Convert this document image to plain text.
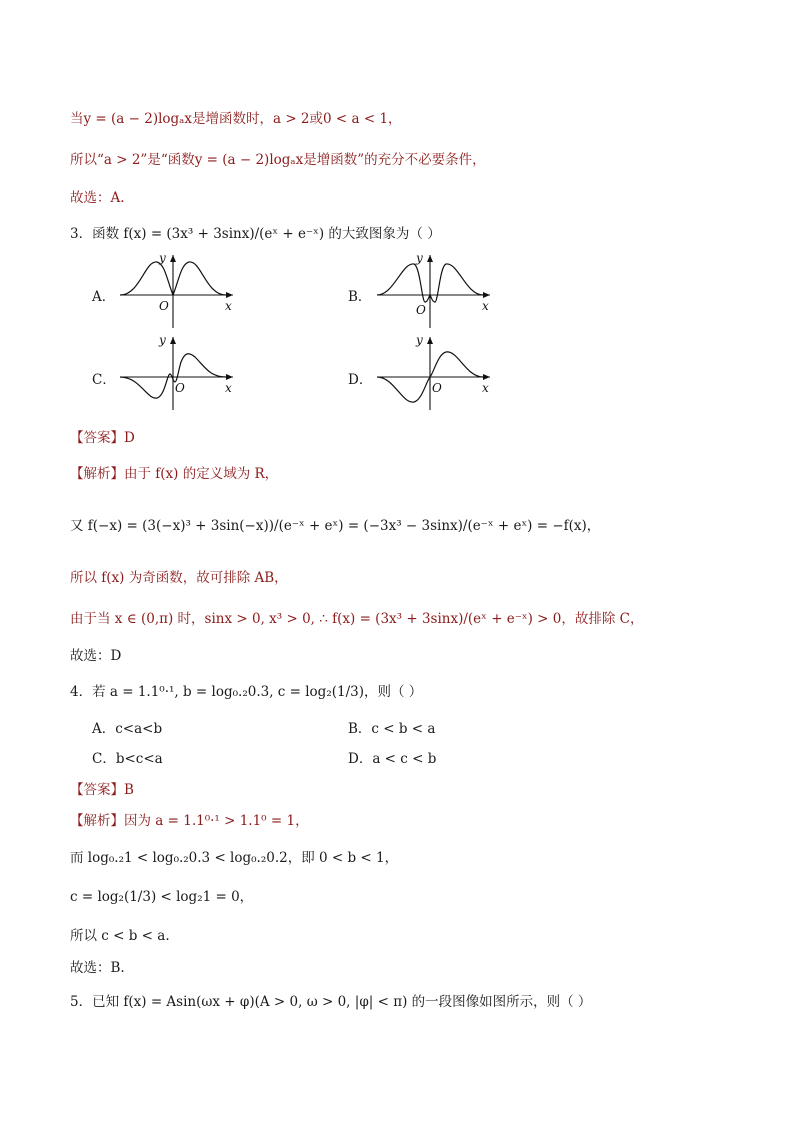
当y = (a − 2)logₐx是增函数时，a > 2或0 < a < 1，
所以“a > 2”是“函数y = (a − 2)logₐx是增函数”的充分不必要条件，
故选：A.
3．函数 f(x) = (3x³ + 3sinx)/(eˣ + e⁻ˣ) 的大致图象为（ ）
A．
y
x
O
B．
y
x
O
C．
y
x
O	D．
y
x
O
【答案】D
【解析】由于 f(x) 的定义域为 R，
又 f(−x) = (3(−x)³ + 3sin(−x))/(e⁻ˣ + eˣ) = (−3x³ − 3sinx)/(e⁻ˣ + eˣ) = −f(x)，
所以 f(x) 为奇函数，故可排除 AB，
由于当 x ∈ (0,π) 时，sinx > 0, x³ > 0, ∴ f(x) = (3x³ + 3sinx)/(eˣ + e⁻ˣ) > 0，故排除 C，
故选：D
4．若 a = 1.1⁰·¹, b = log₀.₂0.3, c = log₂(1/3)，则（ ）
A．c<a<b	B．c < b < a
C．b<c<a	D．a < c < b
【答案】B
【解析】因为 a = 1.1⁰·¹ > 1.1⁰ = 1，
而 log₀.₂1 < log₀.₂0.3 < log₀.₂0.2，即 0 < b < 1，
c = log₂(1/3) < log₂1 = 0，
所以 c < b < a.
故选：B.
5．已知 f(x) = Asin(ωx + φ)(A > 0, ω > 0, |φ| < π) 的一段图像如图所示，则（ ）
